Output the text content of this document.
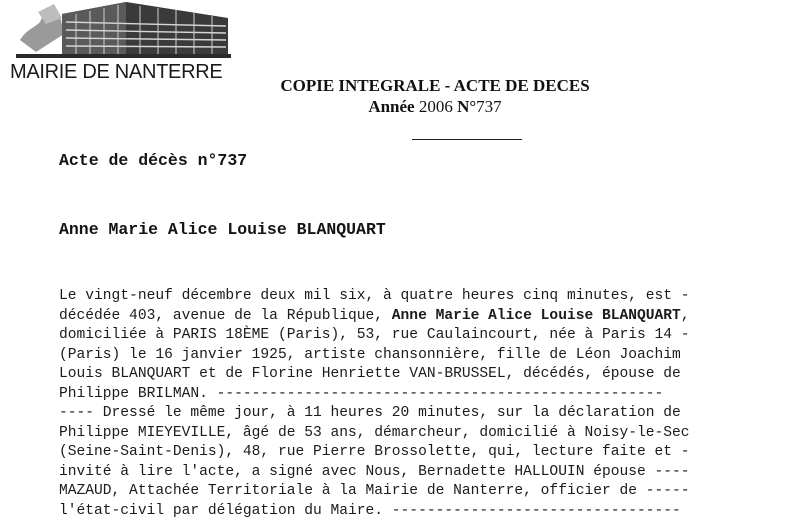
MAIRIE DE NANTERRE
COPIE INTEGRALE - ACTE DE DECES
Année 2006 N°737
Acte de décès n°737
Anne Marie Alice Louise BLANQUART
Le vingt-neuf décembre deux mil six, à quatre heures cinq minutes, est -
décédée 403, avenue de la République, Anne Marie Alice Louise BLANQUART,
domiciliée à PARIS 18ÈME (Paris), 53, rue Caulaincourt, née à Paris 14 -
(Paris) le 16 janvier 1925, artiste chansonnière, fille de Léon Joachim
Louis BLANQUART et de Florine Henriette VAN-BRUSSEL, décédés, épouse de
Philippe BRILMAN. ---------------------------------------------------
---- Dressé le même jour, à 11 heures 20 minutes, sur la déclaration de
Philippe MIEYEVILLE, âgé de 53 ans, démarcheur, domicilié à Noisy-le-Sec
(Seine-Saint-Denis), 48, rue Pierre Brossolette, qui, lecture faite et -
invité à lire l'acte, a signé avec Nous, Bernadette HALLOUIN épouse ----
MAZAUD, Attachée Territoriale à la Mairie de Nanterre, officier de -----
l'état-civil par délégation du Maire. ---------------------------------
